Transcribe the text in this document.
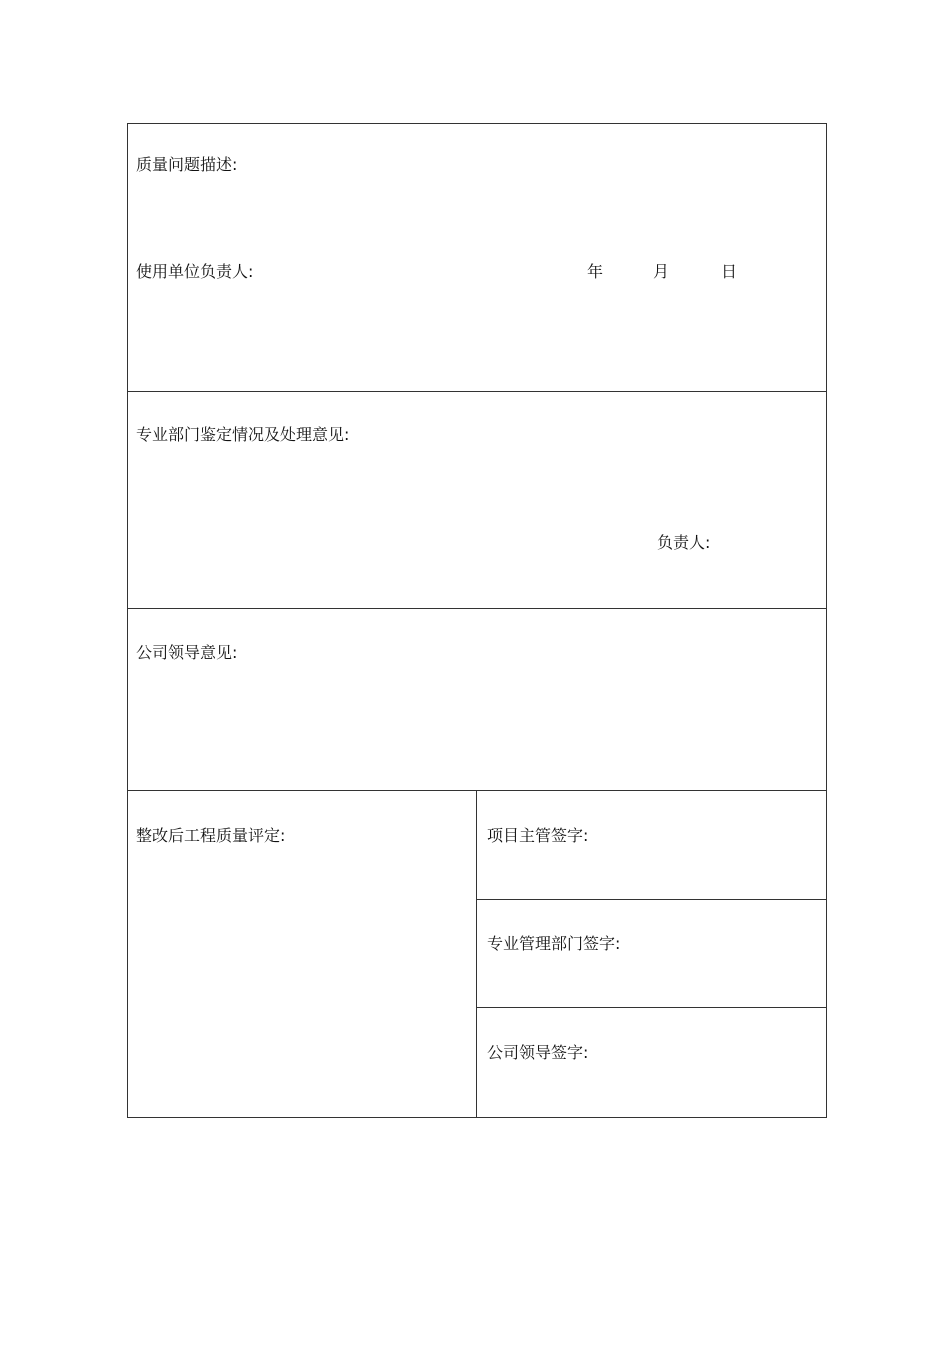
质量问题描述:
使用单位负责人:	年	月	日
专业部门鉴定情况及处理意见:
负责人:
公司领导意见:
整改后工程质量评定:	项目主管签字:
专业管理部门签字:
公司领导签字:
